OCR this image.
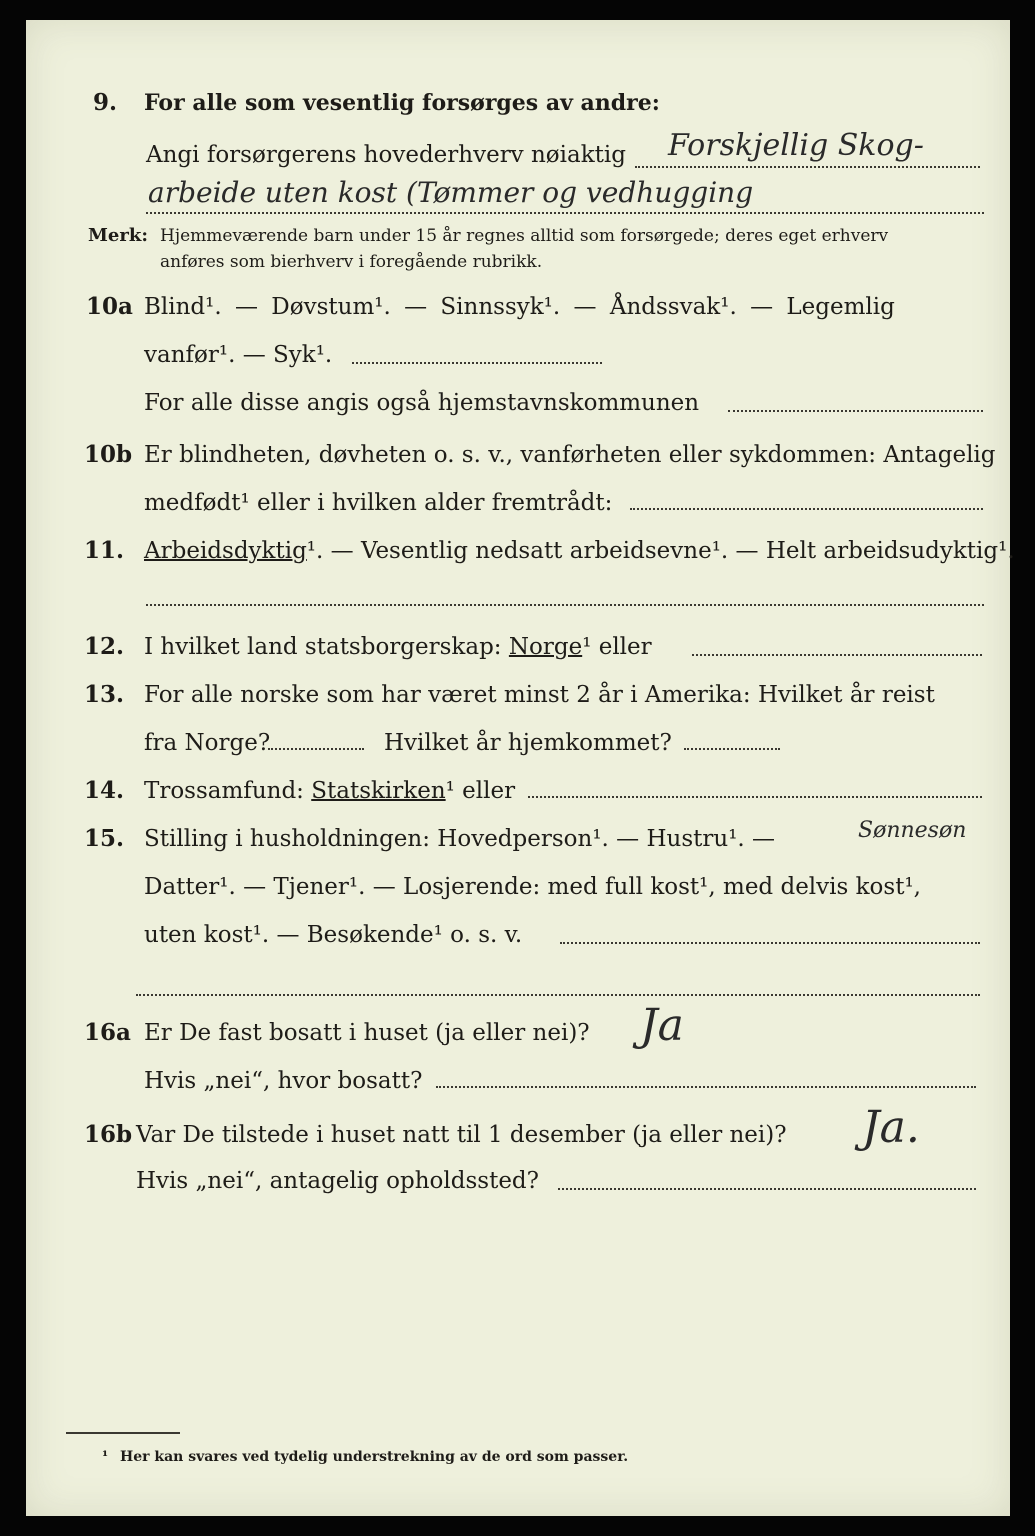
9. For alle som vesentlig forsørges av andre:
Angi forsørgerens hovederhverv nøiaktig Forskjellig Skog-
arbeide uten kost (Tømmer og vedhugging
Merk: Hjemmeværende barn under 15 år regnes alltid som forsørgede; deres eget erhverv
anføres som bierhverv i foregående rubrikk.
10a Blind¹. — Døvstum¹. — Sinnssyk¹. — Åndssvak¹. — Legemlig
vanfør¹. — Syk¹.
For alle disse angis også hjemstavnskommunen
10b Er blindheten, døvheten o. s. v., vanførheten eller sykdommen: Antagelig
medfødt¹ eller i hvilken alder fremtrådt:
11. Arbeidsdyktig¹. — Vesentlig nedsatt arbeidsevne¹. — Helt arbeidsudyktig¹.
12. I hvilket land statsborgerskap: Norge¹ eller
13. For alle norske som har været minst 2 år i Amerika: Hvilket år reist
fra Norge?	Hvilket år hjemkommet?
14. Trossamfund: Statskirken¹ eller
15. Stilling i husholdningen: Hovedperson¹. — Hustru¹. —	Sønnesøn
Datter¹. — Tjener¹. — Losjerende: med full kost¹, med delvis kost¹,
uten kost¹. — Besøkende¹ o. s. v.
16a Er De fast bosatt i huset (ja eller nei)? Ja
Hvis „nei“, hvor bosatt?
16b Var De tilstede i huset natt til 1 desember (ja eller nei)? Ja.
Hvis „nei“, antagelig opholdssted?
¹ Her kan svares ved tydelig understrekning av de ord som passer.
